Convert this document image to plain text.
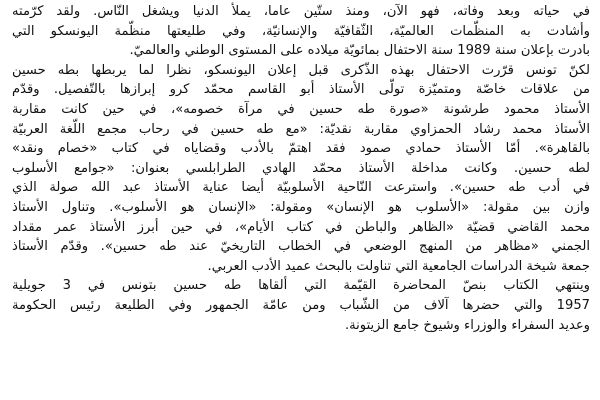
في حياته وبعد وفاته، فهو الآن، ومنذ ستّين عاما، يملأ الدنيا ويشغل النّاس. ولقد كرّمته
وأشادت به المنظّمات العالميّة، الثّقافيّة والإنسانيّة، وفي طليعتها منظّمة اليونسكو التي
بادرت بإعلان سنة 1989 سنة الاحتفال بمائويّة ميلاده على المستوى الوطني والعالميّ.

لكنّ تونس قرّرت الاحتفال بهذه الذّكرى قبل إعلان اليونسكو، نظرا لما يربطها بطه حسين
من علاقات خاصّة ومتميّزة تولّى الأستاذ أبو القاسم محمّد كرو إبرازها بالتّفصيل. وقدّم
الأستاذ محمود طرشونة «صورة طه حسين في مرآة خصومه»، في حين كانت مقاربة
الأستاذ محمد رشاد الحمزاوي مقاربة نقديّة: «مع طه حسين في رحاب مجمع اللّغة العربيّة
بالقاهرة». أمّا الأستاذ حمادي صمود فقد اهتمّ بالأدب وقضاياه في كتاب «خصام ونقد»
لطه حسين. وكانت مداخلة الأستاذ محمّد الهادي الطرابلسي بعنوان: «جوامع الأسلوب
في أدب طه حسين». واسترعت النّاحية الأسلوبيّة أيضا عناية الأستاذ عبد الله صولة الذي
وازن بين مقولة: «الأسلوب هو الإنسان» ومقولة: «الإنسان هو الأسلوب». وتناول الأستاذ
محمد القاضي قضيّة «الظاهر والباطن في كتاب الأيام»، في حين أبرز الأستاذ عمر مقداد
الجمني «مظاهر من المنهج الوضعي في الخطاب التاريخيّ عند طه حسين». وقدّم الأستاذ
جمعة شيخة الدراسات الجامعية التي تناولت بالبحث عميد الأدب العربي.

وينتهي الكتاب بنصّ المحاضرة القيّمة التي ألقاها طه حسين بتونس في 3 جويلية
1957 والتي حضرها آلاف من الشّباب ومن عامّة الجمهور وفي الطليعة رئيس الحكومة
وعديد السفراء والوزراء وشيوخ جامع الزيتونة.
